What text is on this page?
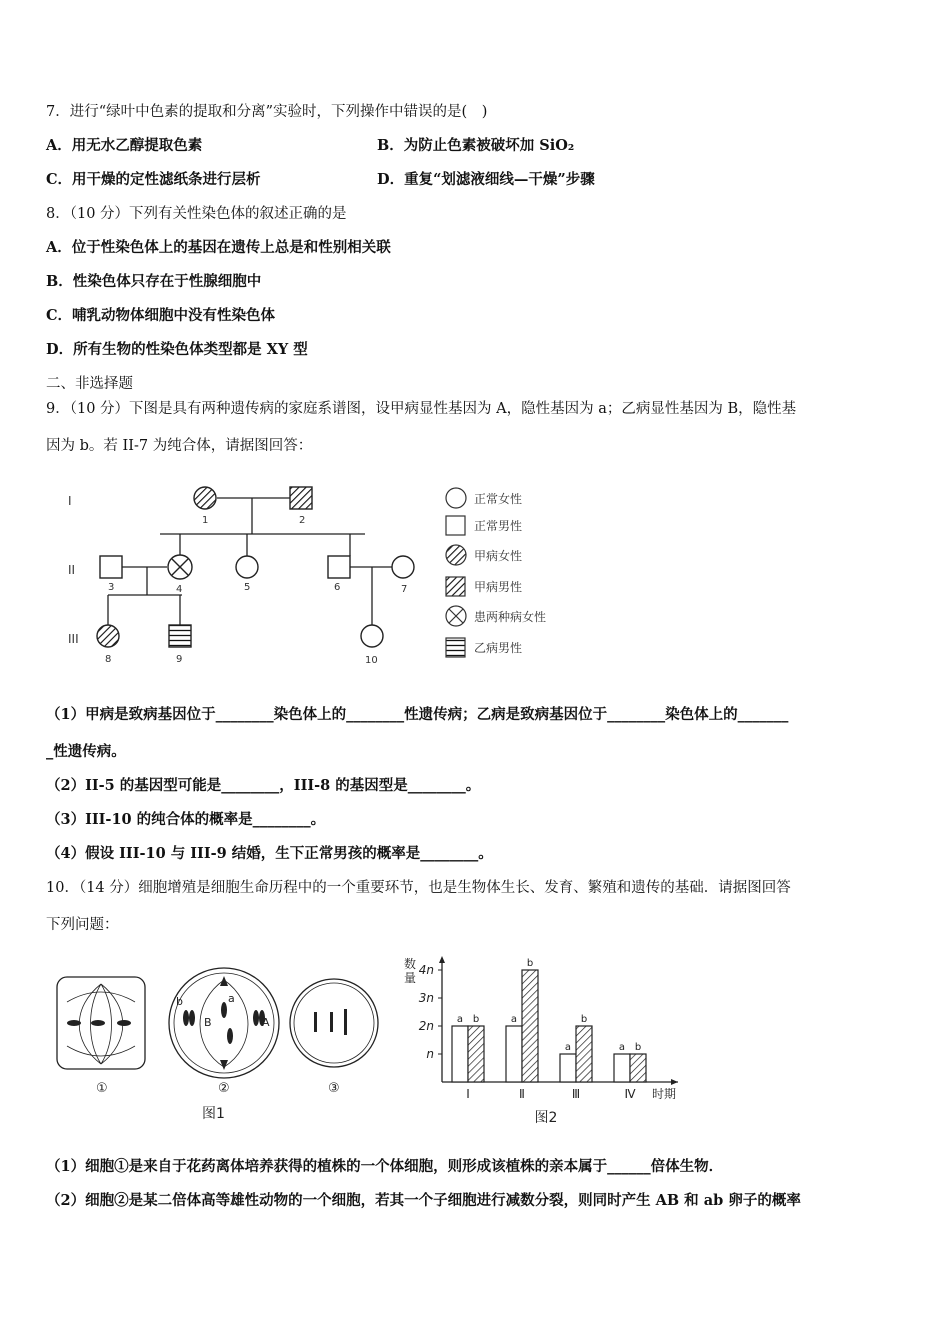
7．进行“绿叶中色素的提取和分离”实验时，下列操作中错误的是(　)
A．用无水乙醇提取色素	B．为防止色素被破坏加 SiO₂
C．用干燥的定性滤纸条进行层析	D．重复“划滤液细线—干燥”步骤
8．（10 分）下列有关性染色体的叙述正确的是
A．位于性染色体上的基因在遗传上总是和性别相关联
B．性染色体只存在于性腺细胞中
C．哺乳动物体细胞中没有性染色体
D．所有生物的性染色体类型都是 XY 型
二、非选择题
9．（10 分）下图是具有两种遗传病的家庭系谱图，设甲病显性基因为 A，隐性基因为 a；乙病显性基因为 B，隐性基
因为 b。若 II-7 为纯合体，请据图回答：
I
II
III
1	2
3	4	5	6	7
8	9	10
正常女性
正常男性
甲病女性
甲病男性
患两种病女性
乙病男性
（1）甲病是致病基因位于________染色体上的________性遗传病；乙病是致病基因位于________染色体上的_______
_性遗传病。
（2）II-5 的基因型可能是________，III-8 的基因型是________。
（3）III-10 的纯合体的概率是________。
（4）假设 III-10 与 III-9 结婚，生下正常男孩的概率是________。
10．（14 分）细胞增殖是细胞生命历程中的一个重要环节，也是生物体生长、发育、繁殖和遗传的基础．请据图回答
下列问题：
b
B
a
A
①	②	③
图1
数
量
n
2n
3n
4n
a b
Ⅰ
a
b
Ⅱ
a
b
Ⅲ
a b
Ⅳ 时期
图2
（1）细胞①是来自于花药离体培养获得的植株的一个体细胞，则形成该植株的亲本属于______倍体生物．
（2）细胞②是某二倍体高等雄性动物的一个细胞，若其一个子细胞进行减数分裂，则同时产生 AB 和 ab 卵子的概率
